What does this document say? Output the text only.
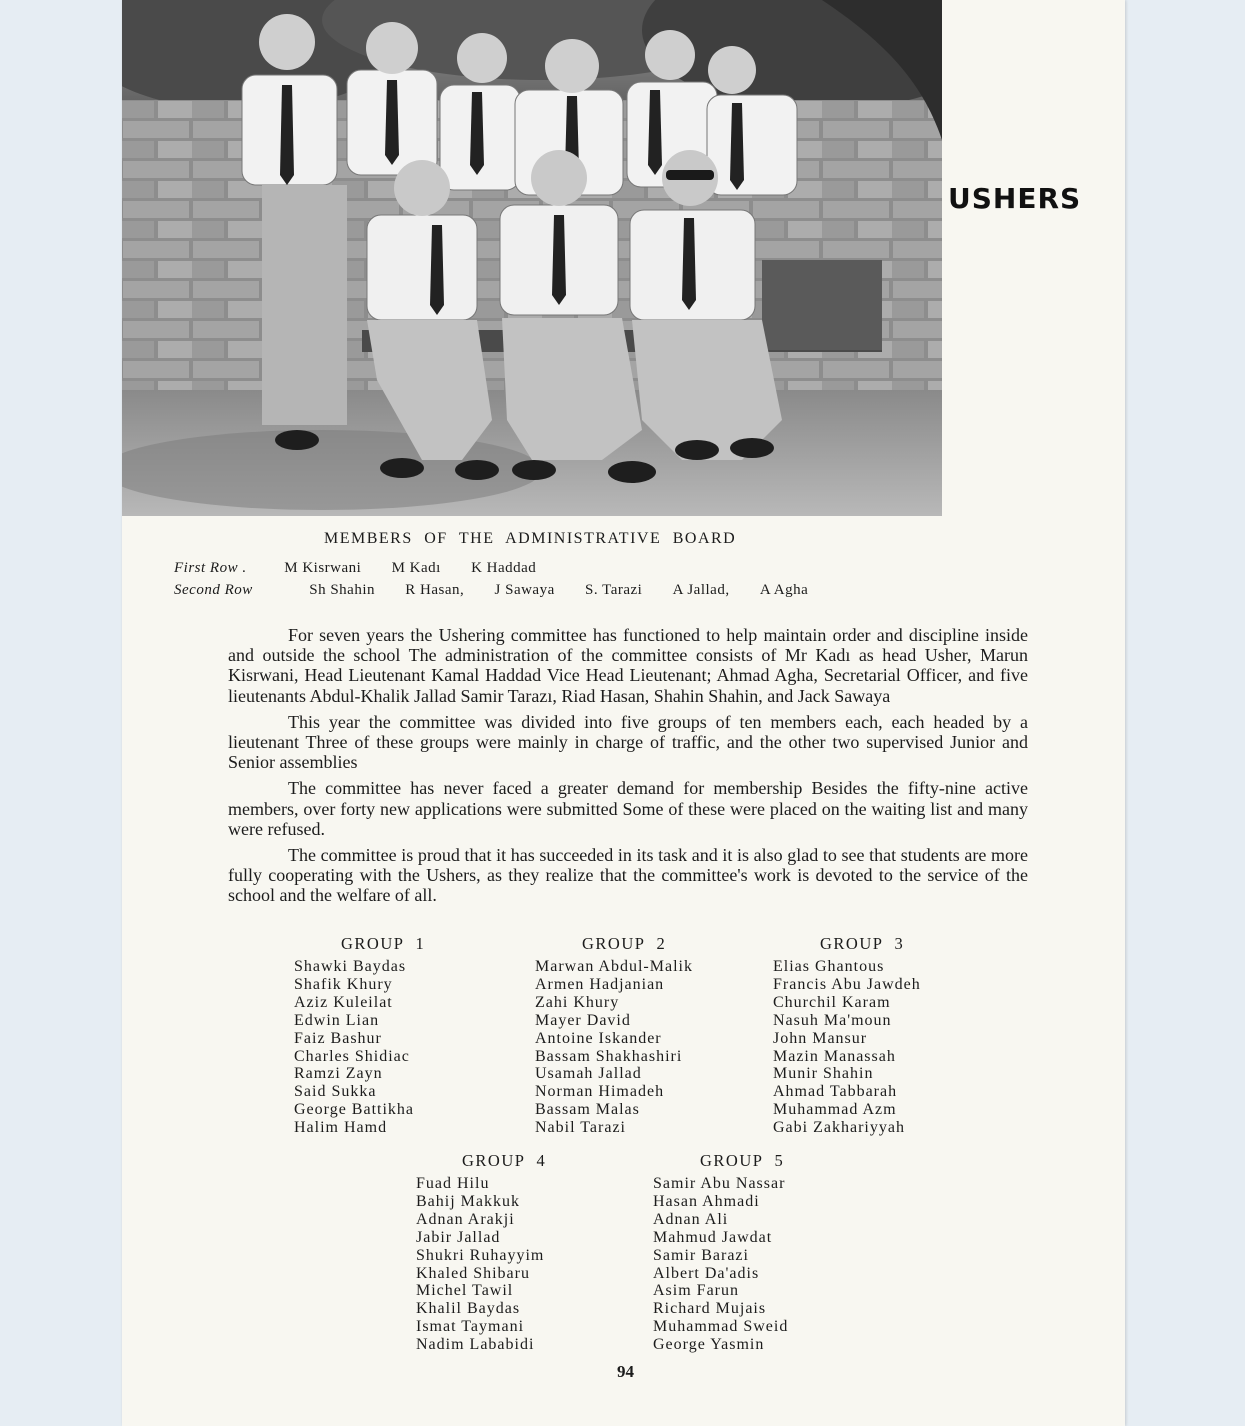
USHERS
MEMBERS OF THE ADMINISTRATIVE BOARD
First Row .	M Kisrwani M Kadı K Haddad
Second Row	Sh Shahin R Hasan, J Sawaya S. Tarazi A Jallad, A Agha

For seven years the Ushering committee has functioned to help maintain order and discipline inside and outside the school The administration of the committee consists of Mr Kadı as head Usher, Marun Kisrwani, Head Lieutenant Kamal Haddad Vice Head Lieutenant; Ahmad Agha, Secretarial Officer, and five lieutenants Abdul-Khalik Jallad Samir Tarazı, Riad Hasan, Shahin Shahin, and Jack Sawaya

This year the committee was divided into five groups of ten members each, each headed by a lieutenant Three of these groups were mainly in charge of traffic, and the other two supervised Junior and Senior assemblies

The committee has never faced a greater demand for membership Besides the fifty-nine active members, over forty new applications were submitted Some of these were placed on the waiting list and many were refused.

The committee is proud that it has succeeded in its task and it is also glad to see that students are more fully cooperating with the Ushers, as they realize that the committee's work is devoted to the service of the school and the welfare of all.

GROUP 1
Shawki Baydas
Shafik Khury
Aziz Kuleilat
Edwin Lian
Faiz Bashur
Charles Shidiac
Ramzi Zayn
Said Sukka
George Battikha
Halim Hamd
GROUP 2
Marwan Abdul-Malik
Armen Hadjanian
Zahi Khury
Mayer David
Antoine Iskander
Bassam Shakhashiri
Usamah Jallad
Norman Himadeh
Bassam Malas
Nabil Tarazi
GROUP 3
Elias Ghantous
Francis Abu Jawdeh
Churchil Karam
Nasuh Ma'moun
John Mansur
Mazin Manassah
Munir Shahin
Ahmad Tabbarah
Muhammad Azm
Gabi Zakhariyyah
GROUP 4
Fuad Hilu
Bahij Makkuk
Adnan Arakji
Jabir Jallad
Shukri Ruhayyim
Khaled Shibaru
Michel Tawil
Khalil Baydas
Ismat Taymani
Nadim Lababidi
GROUP 5
Samir Abu Nassar
Hasan Ahmadi
Adnan Ali
Mahmud Jawdat
Samir Barazi
Albert Da'adis
Asim Farun
Richard Mujais
Muhammad Sweid
George Yasmin
94
